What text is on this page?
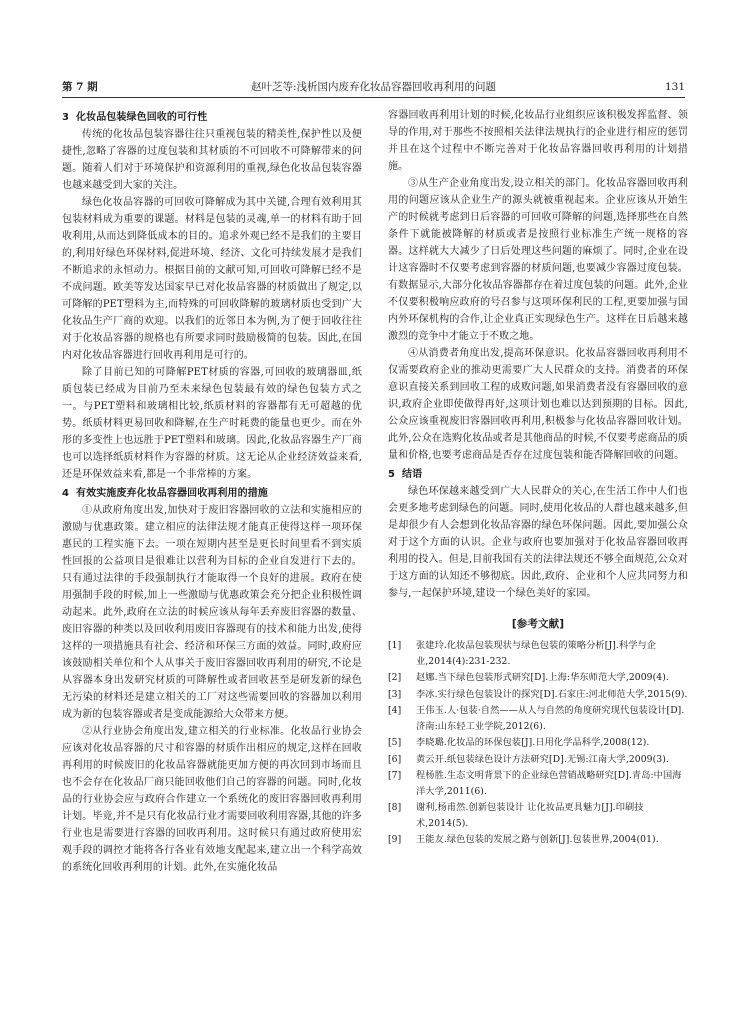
第 7 期	赵叶芝等:浅析国内废弃化妆品容器回收再利用的问题	131
3 化妆品包装绿色回收的可行性

传统的化妆品包装容器往往只重视包装的精美性,保护性以及便捷性,忽略了容器的过度包装和其材质的不可回收不可降解带来的问题。随着人们对于环境保护和资源利用的重视,绿色化妆品包装容器也越来越受到大家的关注。

绿色化妆品容器的可回收可降解成为其中关键,合理有效利用其包装材料成为重要的课题。材料是包装的灵魂,单一的材料有助于回收利用,从而达到降低成本的目的。追求外观已经不是我们的主要目的,利用好绿色环保材料,促进环境、经济、文化可持续发展才是我们不断追求的永恒动力。根据目前的文献可知,可回收可降解已经不是不成问题。欧美等发达国家早已对化妆品容器的材质做出了规定,以可降解的PET塑料为主,而特殊的可回收降解的玻璃材质也受到广大化妆品生产厂商的欢迎。以我们的近邻日本为例,为了便于回收往往对于化妆品容器的规格也有所要求同时鼓励极简的包装。因此,在国内对化妆品容器进行回收再利用是可行的。

除了目前已知的可降解PET材质的容器,可回收的玻璃器皿,纸质包装已经成为目前乃至未来绿色包装最有效的绿色包装方式之一。与PET塑料和玻璃相比较,纸质材料的容器都有无可超越的优势。纸质材料更易回收和降解,在生产时耗费的能量也更少。而在外形的多变性上也远胜于PET塑料和玻璃。因此,化妆品容器生产厂商也可以选择纸质材料作为容器的材质。这无论从企业经济效益来看,还是环保效益来看,都是一个非常棒的方案。

4 有效实施废弃化妆品容器回收再利用的措施

①从政府角度出发,加快对于废旧容器回收的立法和实施相应的激励与优惠政策。建立相应的法律法规才能真正使得这样一项环保惠民的工程实施下去。一项在短期内甚至是更长时间里看不到实质性回报的公益项目是很难让以营利为目标的企业自发进行下去的。只有通过法律的手段强制执行才能取得一个良好的进展。政府在使用强制手段的时候,加上一些激励与优惠政策会充分把企业积极性调动起来。此外,政府在立法的时候应该从每年丢弃废旧容器的数量、废旧容器的种类以及回收利用废旧容器现有的技术和能力出发,使得这样的一项措施具有社会、经济和环保三方面的效益。同时,政府应该鼓励相关单位和个人从事关于废旧容器回收再利用的研究,不论是从容器本身出发研究材质的可降解性或者回收甚至是研发新的绿色无污染的材料还是建立相关的工厂对这些需要回收的容器加以利用成为新的包装容器或者是变成能源给大众带来方便。

②从行业协会角度出发,建立相关的行业标准。化妆品行业协会应该对化妆品容器的尺寸和容器的材质作出相应的规定,这样在回收再利用的时候废旧的化妆品容器就能更加方便的再次回到市场而且也不会存在化妆品厂商只能回收他们自己的容器的问题。同时,化妆品的行业协会应与政府合作建立一个系统化的废旧容器回收再利用计划。毕竟,并不是只有化妆品行业才需要回收利用容器,其他的许多行业也是需要进行容器的回收再利用。这时候只有通过政府使用宏观手段的调控才能将各行各业有效地支配起来,建立出一个科学高效的系统化回收再利用的计划。此外,在实施化妆品

容器回收再利用计划的时候,化妆品行业组织应该积极发挥监督、领导的作用,对于那些不按照相关法律法规执行的企业进行相应的惩罚并且在这个过程中不断完善对于化妆品容器回收再利用的计划措施。

③从生产企业角度出发,设立相关的部门。化妆品容器回收再利用的问题应该从企业生产的源头就被重视起来。企业应该从开始生产的时候就考虑到日后容器的可回收可降解的问题,选择那些在自然条件下就能被降解的材质或者是按照行业标准生产统一规格的容器。这样就大大减少了日后处理这些问题的麻烦了。同时,企业在设计这容器时不仅要考虑到容器的材质问题,也要减少容器过度包装。有数据显示,大部分化妆品容器都存在着过度包装的问题。此外,企业不仅要积极响应政府的号召参与这项环保利民的工程,更要加强与国内外环保机构的合作,让企业真正实现绿色生产。这样在日后越来越激烈的竞争中才能立于不败之地。

④从消费者角度出发,提高环保意识。化妆品容器回收再利用不仅需要政府企业的推动更需要广大人民群众的支持。消费者的环保意识直接关系到回收工程的成败问题,如果消费者没有容器回收的意识,政府企业即使做得再好,这项计划也难以达到预期的目标。因此,公众应该重视废旧容器回收再利用,积极参与化妆品容器回收计划。此外,公众在选购化妆品或者是其他商品的时候,不仅要考虑商品的质量和价格,也要考虑商品是否存在过度包装和能否降解回收的问题。

5 结语

绿色环保越来越受到广大人民群众的关心,在生活工作中人们也会更多地考虑到绿色的问题。同时,使用化妆品的人群也越来越多,但是却很少有人会想到化妆品容器的绿色环保问题。因此,要加强公众对于这个方面的认识。企业与政府也要加强对于化妆品容器回收再利用的投入。但是,目前我国有关的法律法规还不够全面规范,公众对于这方面的认知还不够彻底。因此,政府、企业和个人应共同努力和参与,一起保护环境,建设一个绿色美好的家园。

[参考文献]
[1] 张建玲.化妆品包装现状与绿色包装的策略分析[J].科学与企业,2014(4):231-232.
[2] 赵娜.当下绿色包装形式研究[D].上海:华东师范大学,2009(4).
[3] 李冰.实行绿色包装设计的探究[D].石家庄:河北师范大学,2015(9).
[4] 王伟玉.人·包装·自然——从人与自然的角度研究现代包装设计[D].济南:山东轻工业学院,2012(6).
[5] 李晓璐.化妆品的环保包装[J].日用化学品科学,2008(12).
[6] 黄云开.纸包装绿色设计方法研究[D].无锡:江南大学,2009(3).
[7] 程杨胜.生态文明背景下的企业绿色营销战略研究[D].青岛:中国海洋大学,2011(6).
[8] 谢利,杨甫然.创新包装设计 让化妆品更具魅力[J].印刷技术,2014(5).
[9] 王能友.绿色包装的发展之路与创新[J].包装世界,2004(01).
